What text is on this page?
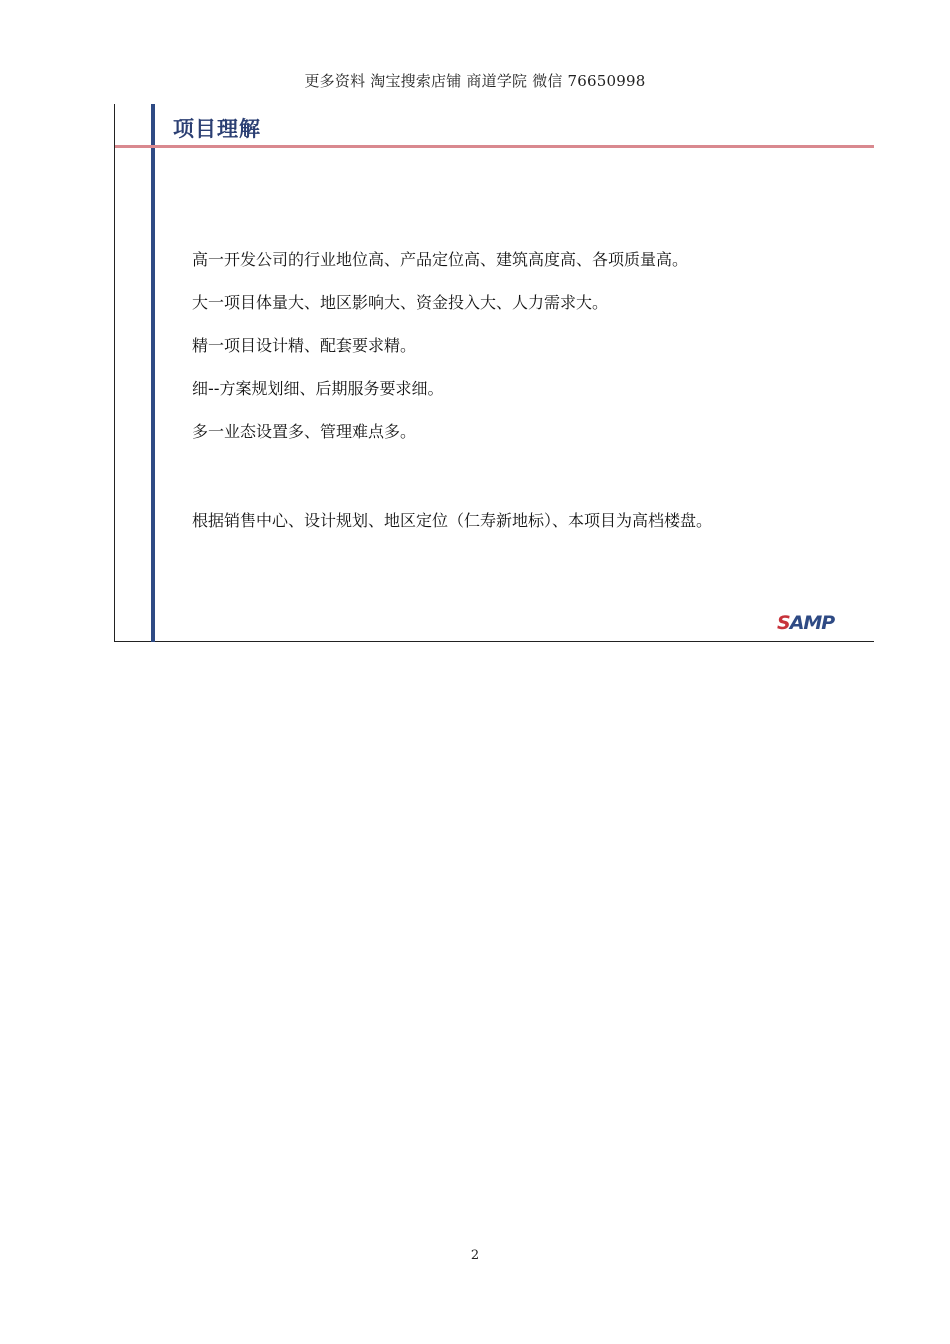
更多资料 淘宝搜索店铺 商道学院 微信 76650998
项目理解
高一开发公司的行业地位高、产品定位高、建筑高度高、各项质量高。
大一项目体量大、地区影响大、资金投入大、人力需求大。
精一项目设计精、配套要求精。
细--方案规划细、后期服务要求细。
多一业态设置多、管理难点多。
根据销售中心、设计规划、地区定位（仁寿新地标）、本项目为高档楼盘。
SAMP
2
